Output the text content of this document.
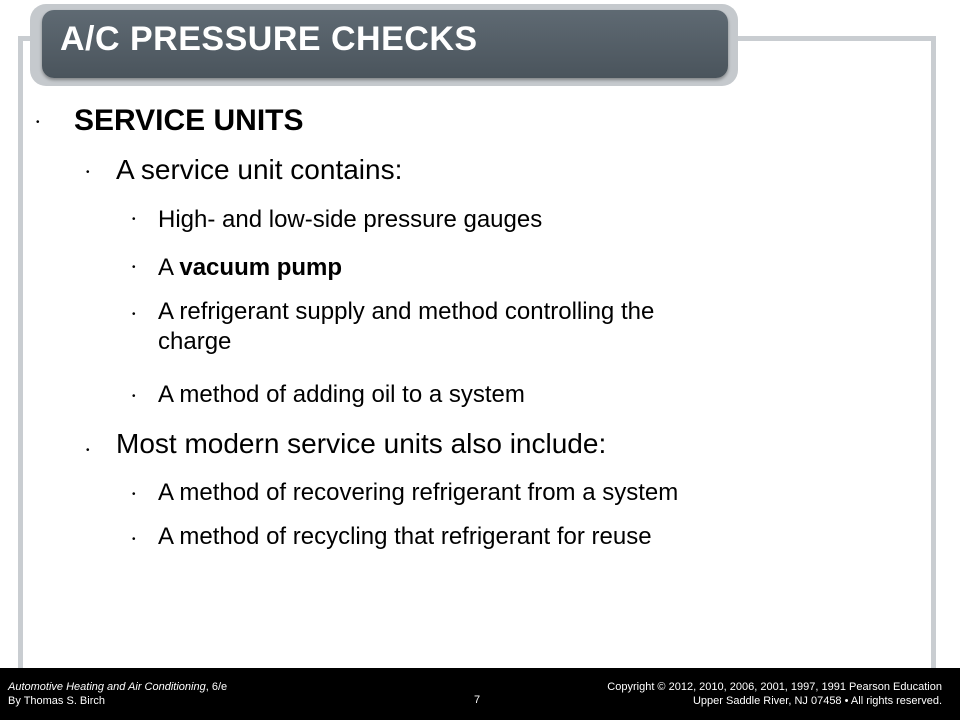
A/C PRESSURE CHECKS
• SERVICE UNITS
• A service unit contains:
• High- and low-side pressure gauges
• A vacuum pump
• A refrigerant supply and method controlling the
charge
• A method of adding oil to a system
• Most modern service units also include:
• A method of recovering refrigerant from a system
• A method of recycling that refrigerant for reuse
Automotive Heating and Air Conditioning, 6/e
By Thomas S. Birch	7
Copyright © 2012, 2010, 2006, 2001, 1997, 1991 Pearson Education
Upper Saddle River, NJ 07458 • All rights reserved.
